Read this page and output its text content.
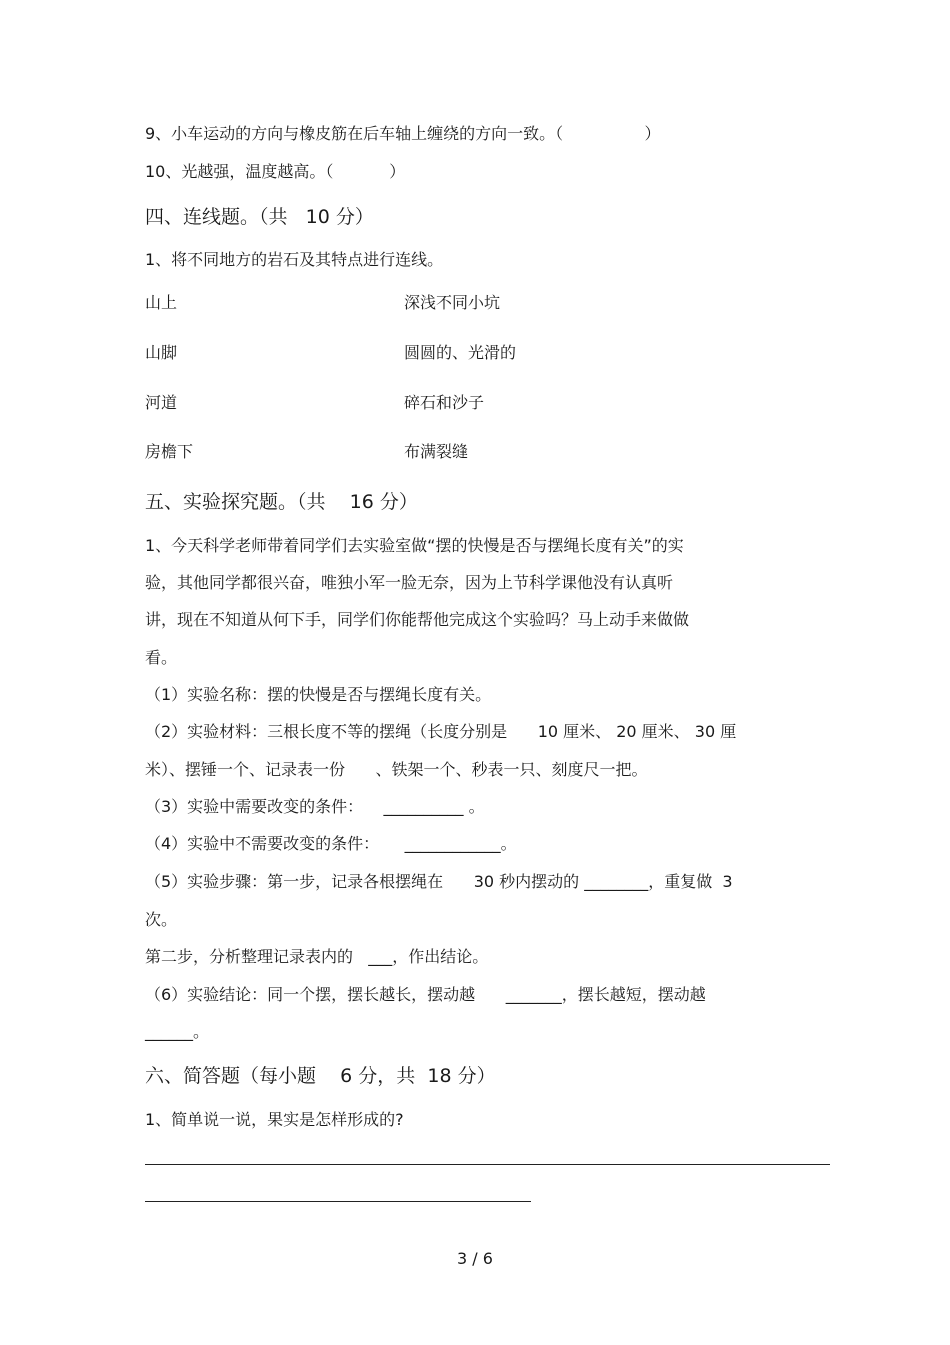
9、小车运动的方向与橡皮筋在后车轴上缠绕的方向一致。（                ）
10、光越强，温度越高。（           ）
四、连线题。（共   10 分）
1、将不同地方的岩石及其特点进行连线。
山上	深浅不同小坑
山脚	圆圆的、光滑的
河道	碎石和沙子
房檐下	布满裂缝
五、实验探究题。（共    16 分）
1、今天科学老师带着同学们去实验室做“摆的快慢是否与摆绳长度有关”的实
验，其他同学都很兴奋，唯独小军一脸无奈，因为上节科学课他没有认真听
讲，现在不知道从何下手，同学们你能帮他完成这个实验吗？马上动手来做做
看。
（1）实验名称：摆的快慢是否与摆绳长度有关。
（2）实验材料：三根长度不等的摆绳（长度分别是      10 厘米、 20 厘米、 30 厘
米）、摆锤一个、记录表一份      、铁架一个、秒表一只、刻度尺一把。
（3）实验中需要改变的条件：    __________ 。
（4）实验中不需要改变的条件：     ____________。
（5）实验步骤：第一步，记录各根摆绳在      30 秒内摆动的 ________，重复做  3
次。
第二步，分析整理记录表内的   ___，作出结论。
（6）实验结论：同一个摆，摆长越长，摆动越      _______，摆长越短，摆动越
______。
六、简答题（每小题    6 分，共  18 分）
1、简单说一说，果实是怎样形成的?
3 / 6
